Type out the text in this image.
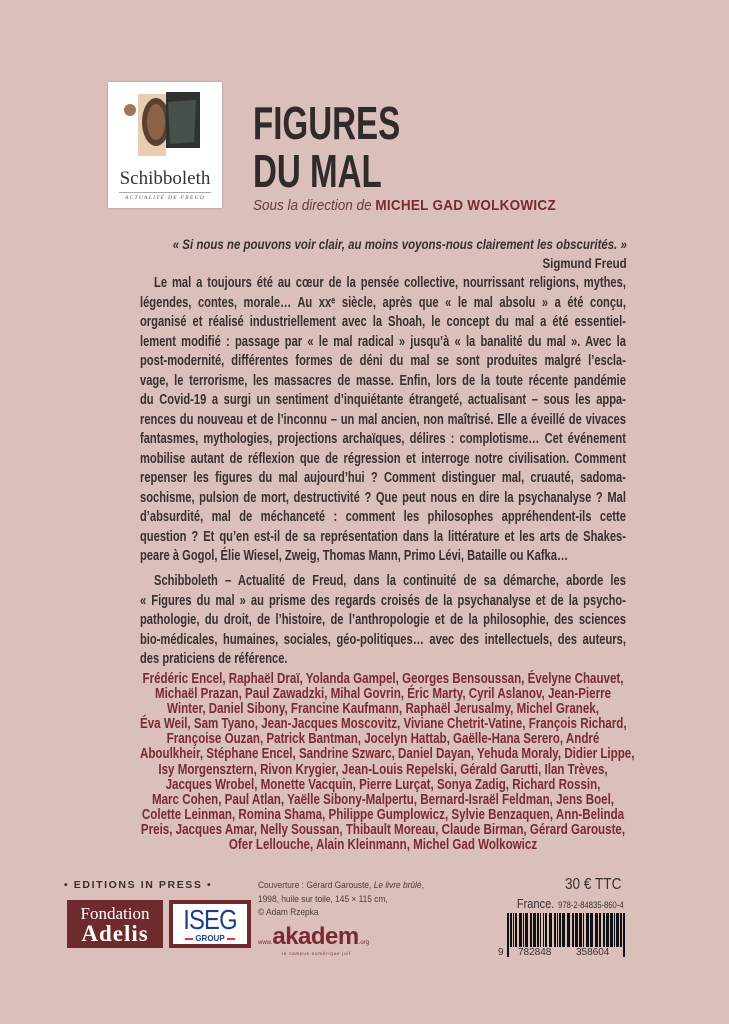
Schibboleth
ACTUALITÉ DE FREUD
FIGURES
DU MAL
Sous la direction de MICHEL GAD WOLKOWICZ
« Si nous ne pouvons voir clair, au moins voyons-nous clairement les obscurités. »
Sigmund Freud
Le mal a toujours été au cœur de la pensée collective, nourrissant religions, mythes,
légendes, contes, morale… Au xxᵉ siècle, après que « le mal absolu » a été conçu,
organisé et réalisé industriellement avec la Shoah, le concept du mal a été essentiel-
lement modifié : passage par « le mal radical » jusqu’à « la banalité du mal ». Avec la
post-modernité, différentes formes de déni du mal se sont produites malgré l’escla-
vage, le terrorisme, les massacres de masse. Enfin, lors de la toute récente pandémie
du Covid-19 a surgi un sentiment d’inquiétante étrangeté, actualisant – sous les appa-
rences du nouveau et de l’inconnu – un mal ancien, non maîtrisé. Elle a éveillé de vivaces
fantasmes, mythologies, projections archaïques, délires : complotisme… Cet événement
mobilise autant de réflexion que de régression et interroge notre civilisation. Comment
repenser les figures du mal aujourd’hui ? Comment distinguer mal, cruauté, sadoma-
sochisme, pulsion de mort, destructivité ? Que peut nous en dire la psychanalyse ? Mal
d’absurdité, mal de méchanceté : comment les philosophes appréhendent-ils cette
question ? Et qu’en est-il de sa représentation dans la littérature et les arts de Shakes-
peare à Gogol, Élie Wiesel, Zweig, Thomas Mann, Primo Lévi, Bataille ou Kafka…
Schibboleth – Actualité de Freud, dans la continuité de sa démarche, aborde les
« Figures du mal » au prisme des regards croisés de la psychanalyse et de la psycho-
pathologie, du droit, de l’histoire, de l’anthropologie et de la philosophie, des sciences
bio-médicales, humaines, sociales, géo-politiques… avec des intellectuels, des auteurs,
des praticiens de référence.
Frédéric Encel, Raphaël Draï, Yolanda Gampel, Georges Bensoussan, Évelyne Chauvet,
Michaël Prazan, Paul Zawadzki, Mihal Govrin, Éric Marty, Cyril Aslanov, Jean-Pierre
Winter, Daniel Sibony, Francine Kaufmann, Raphaël Jerusalmy, Michel Granek,
Éva Weil, Sam Tyano, Jean-Jacques Moscovitz, Viviane Chetrit-Vatine, François Richard,
Françoise Ouzan, Patrick Bantman, Jocelyn Hattab, Gaëlle-Hana Serero, André
Aboulkheir, Stéphane Encel, Sandrine Szwarc, Daniel Dayan, Yehuda Moraly, Didier Lippe,
Isy Morgensztern, Rivon Krygier, Jean-Louis Repelski, Gérald Garutti, Ilan Trèves,
Jacques Wrobel, Monette Vacquin, Pierre Lurçat, Sonya Zadig, Richard Rossin,
Marc Cohen, Paul Atlan, Yaëlle Sibony-Malpertu, Bernard-Israël Feldman, Jens Boel,
Colette Leinman, Romina Shama, Philippe Gumplowicz, Sylvie Benzaquen, Ann-Belinda
Preis, Jacques Amar, Nelly Soussan, Thibault Moreau, Claude Birman, Gérard Garouste,
Ofer Lellouche, Alain Kleinmann, Michel Gad Wolkowicz
• EDITIONS IN PRESS •
Fondation
Adelis	ISEG
GROUP
Couverture : Gérard Garouste, Le livre brûlé,
1998, huile sur toile, 145 × 115 cm,
© Adam Rzepka
www.akadem.org
le campus numérique juif
30 € TTC
France. 978-2-84835-860-4
9 782848 358604
